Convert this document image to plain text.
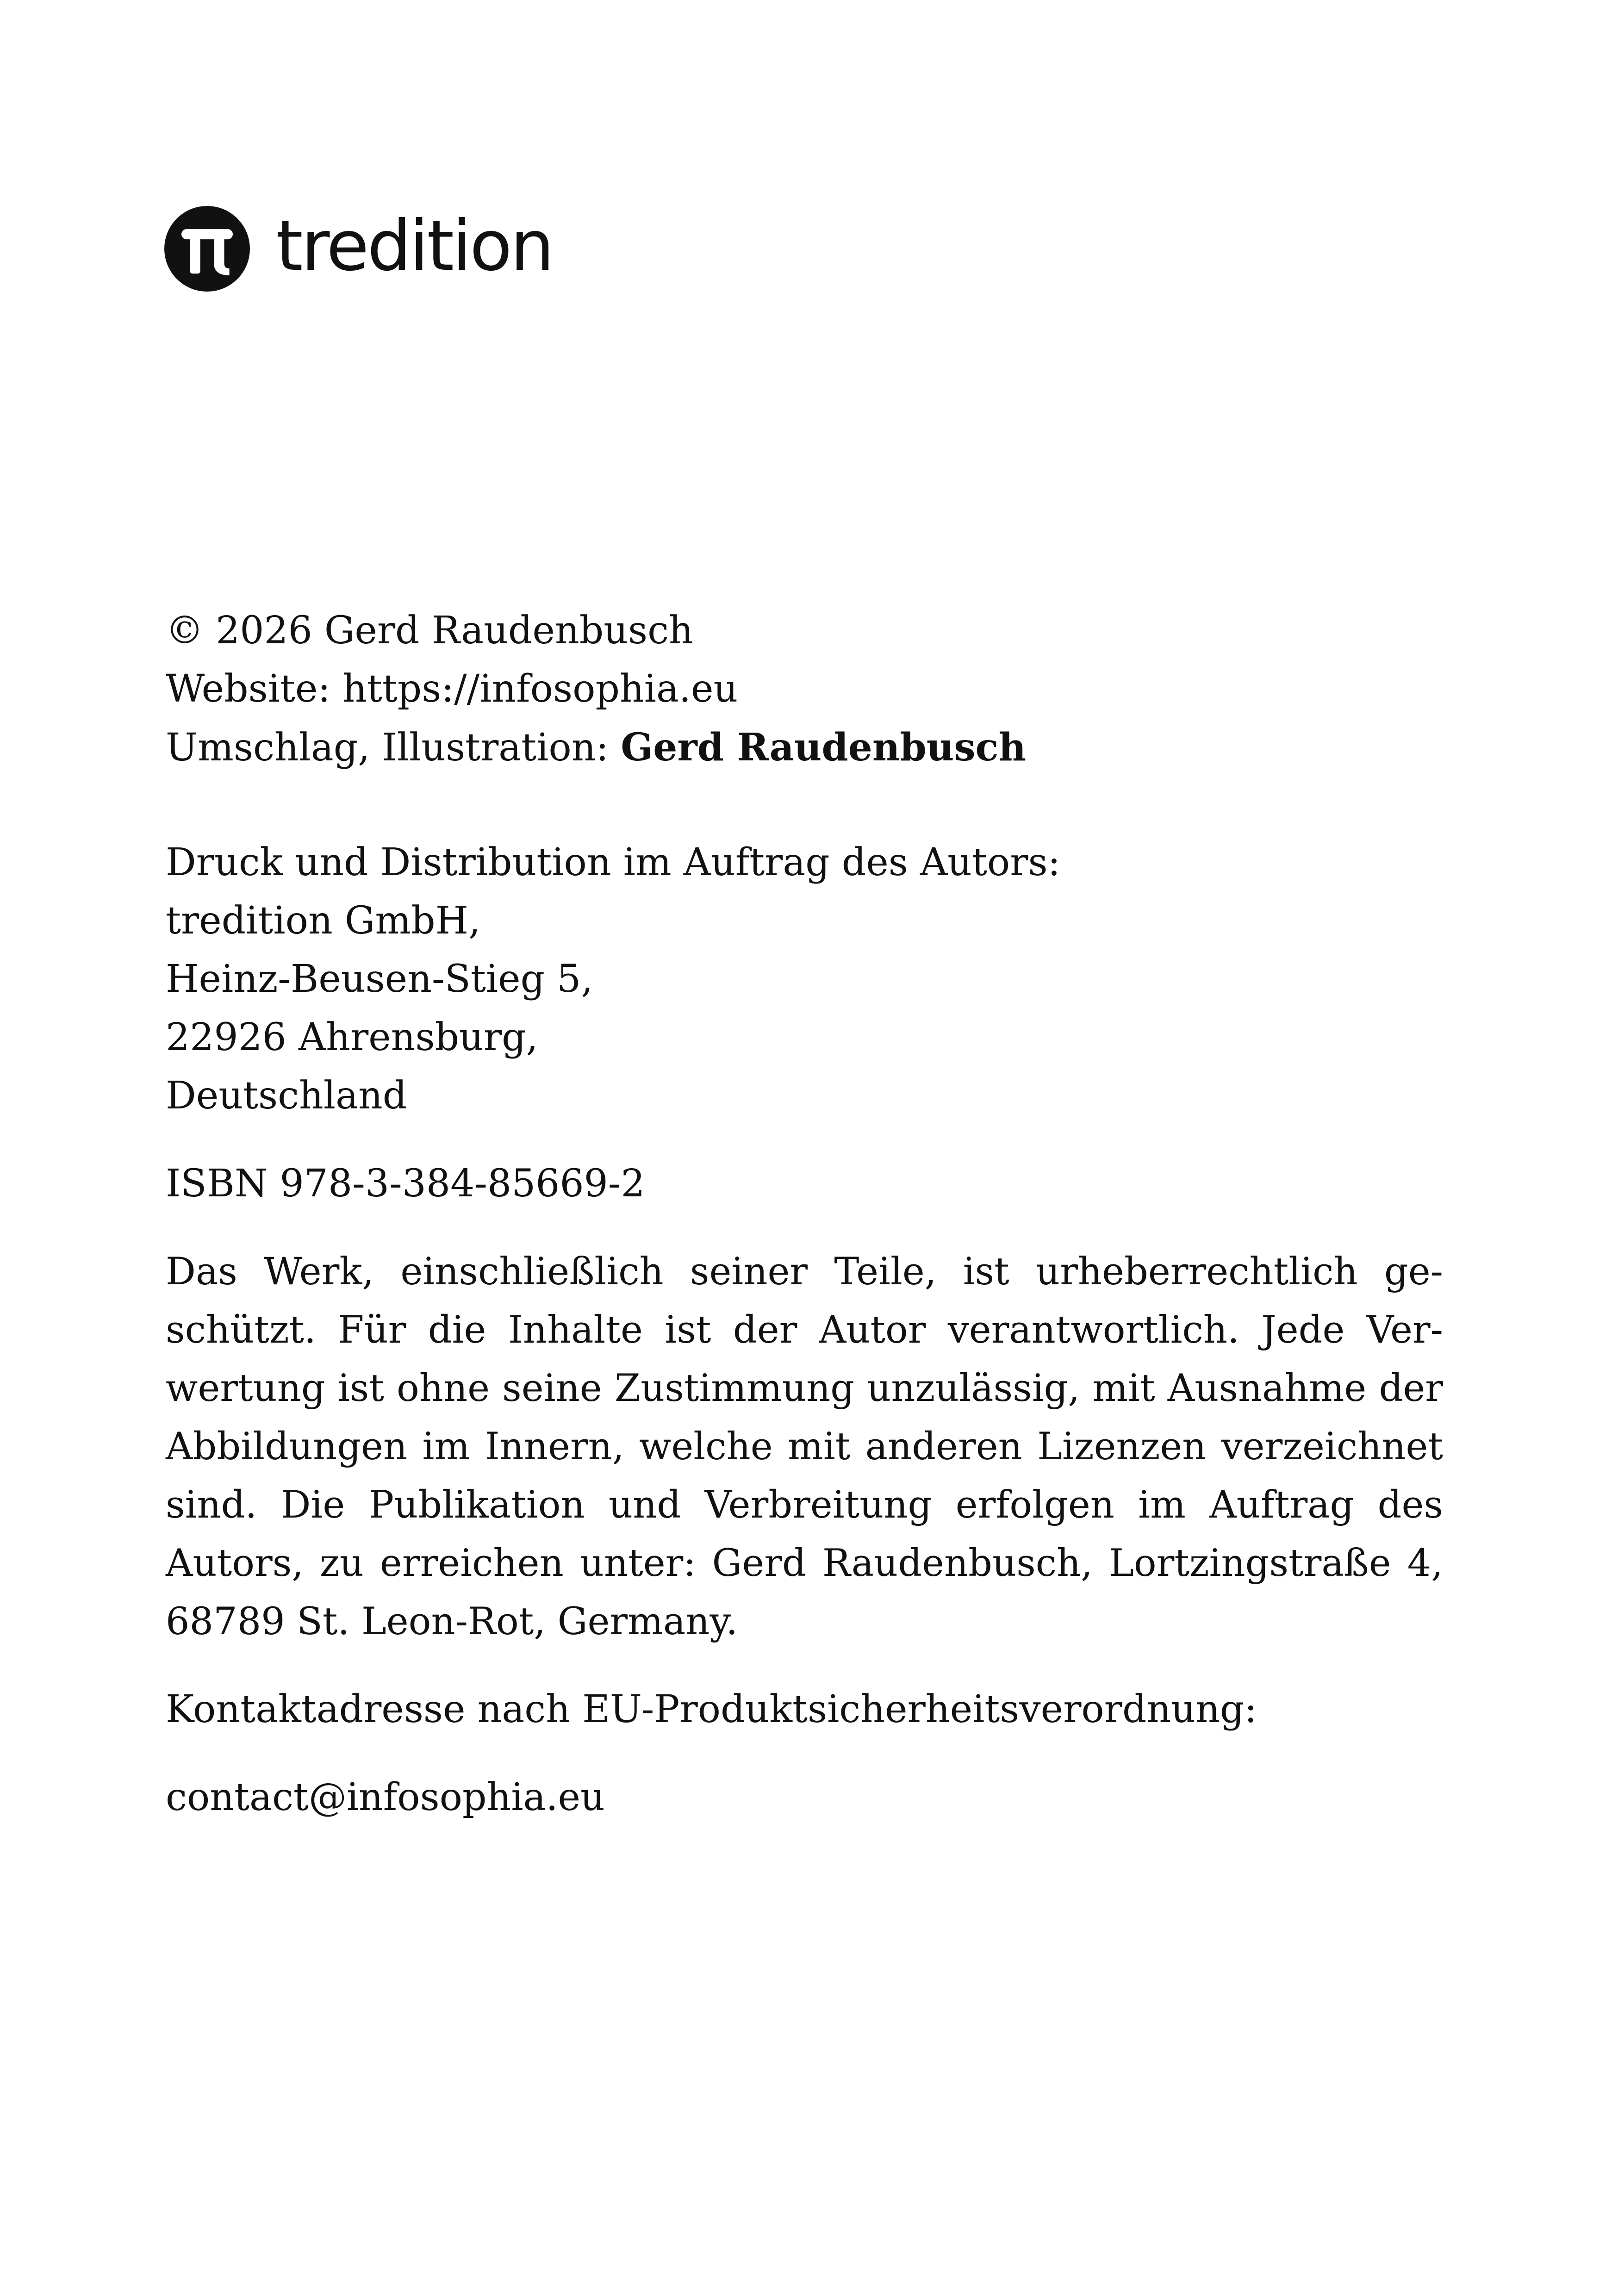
tredition
© 2026 Gerd Raudenbusch
Website: https://infosophia.eu
Umschlag, Illustration: Gerd Raudenbusch
Druck und Distribution im Auftrag des Autors:
tredition GmbH,
Heinz-Beusen-Stieg 5,
22926 Ahrensburg,
Deutschland
ISBN 978-3-384-85669-2
Das Werk, einschließlich seiner Teile, ist urheberrechtlich geschützt. Für die Inhalte ist der Autor verantwortlich. Jede Verwertung ist ohne seine Zustimmung unzulässig, mit Ausnahme der Abbildungen im Innern, welche mit anderen Lizenzen verzeichnet sind. Die Publikation und Verbreitung erfolgen im Auftrag des Autors, zu erreichen unter: Gerd Raudenbusch, Lortzingstraße 4, 68789 St. Leon-Rot, Germany.
Kontaktadresse nach EU-Produktsicherheitsverordnung:
contact@infosophia.eu
